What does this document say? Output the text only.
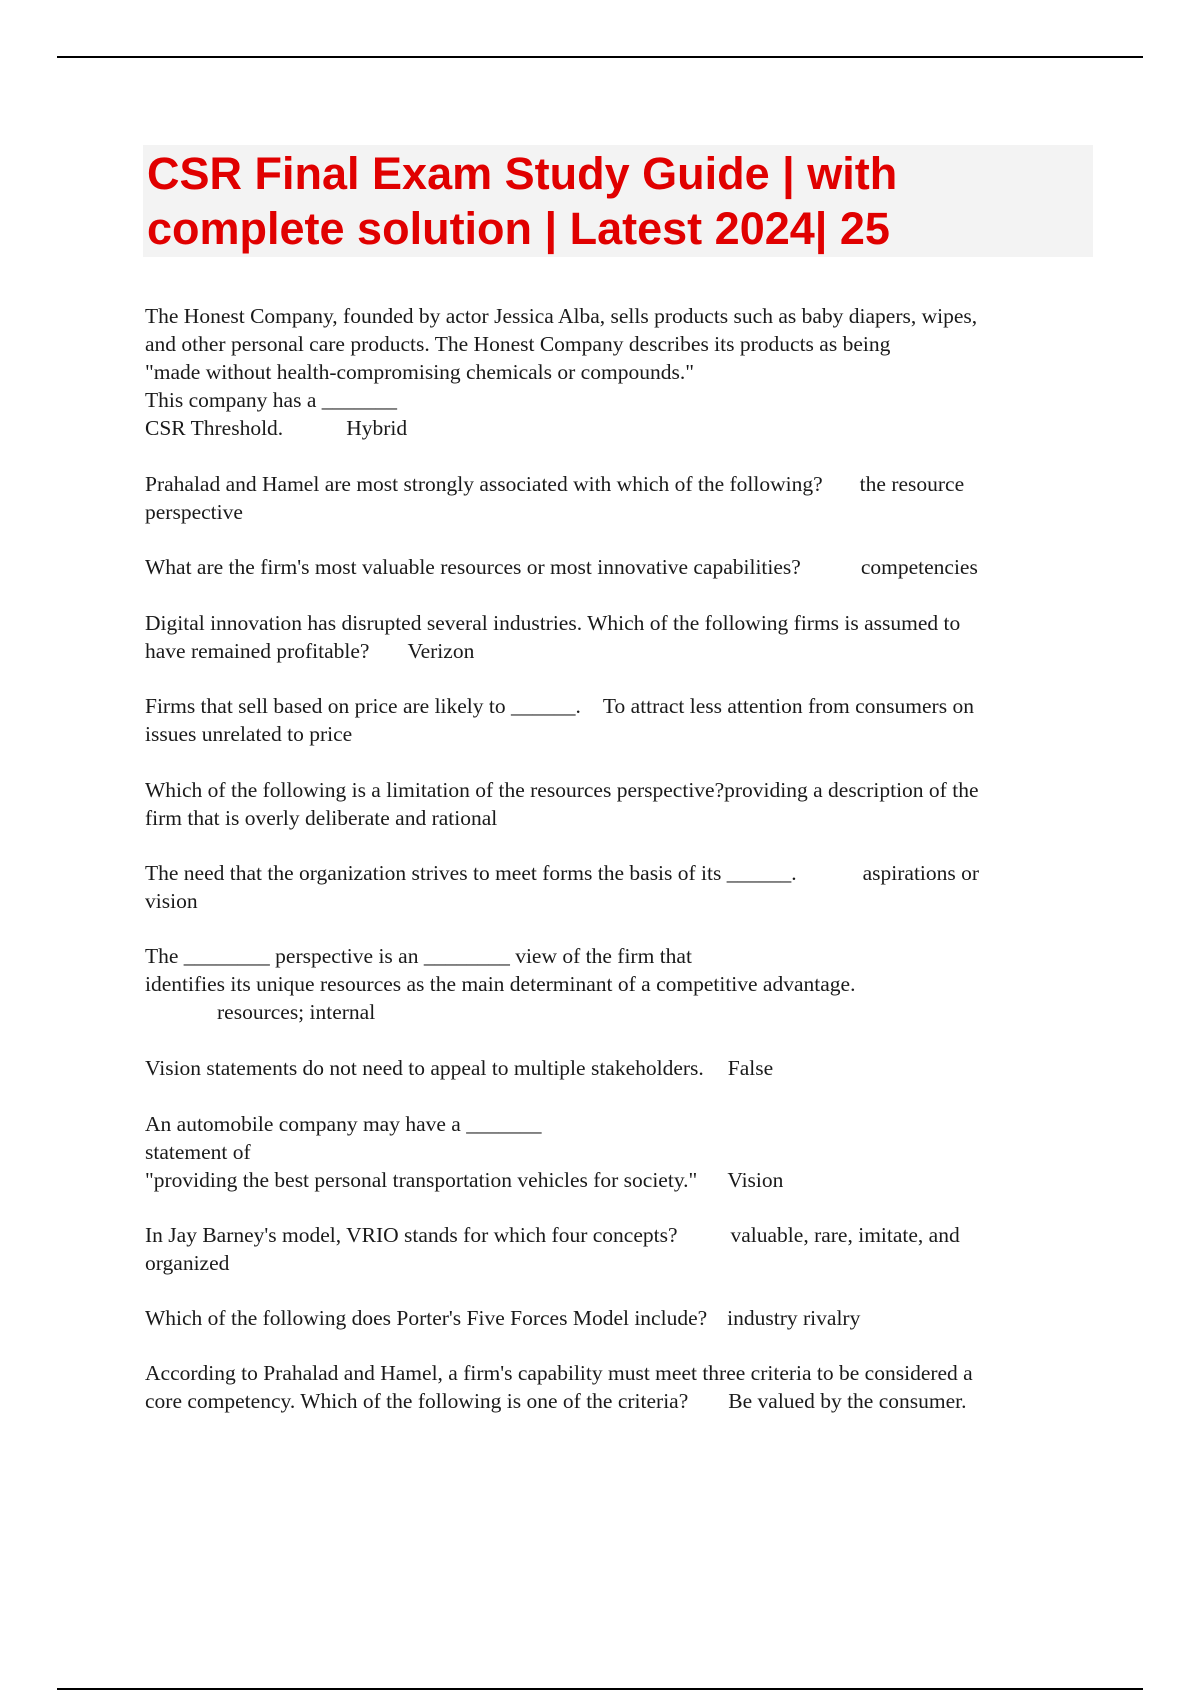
CSR Final Exam Study Guide | with complete solution | Latest 2024| 25
The Honest Company, founded by actor Jessica Alba, sells products such as baby diapers, wipes,
and other personal care products. The Honest Company describes its products as being
"made without health-compromising chemicals or compounds."
This company has a _______
CSR Threshold.	Hybrid
Prahalad and Hamel are most strongly associated with which of the following? the resource
perspective
What are the firm's most valuable resources or most innovative capabilities?	competencies
Digital innovation has disrupted several industries. Which of the following firms is assumed to
have remained profitable? Verizon
Firms that sell based on price are likely to ______. To attract less attention from consumers on
issues unrelated to price
Which of the following is a limitation of the resources perspective?providing a description of the
firm that is overly deliberate and rational
The need that the organization strives to meet forms the basis of its ______.	aspirations or
vision
The ________ perspective is an ________ view of the firm that
identifies its unique resources as the main determinant of a competitive advantage.
resources; internal
Vision statements do not need to appeal to multiple stakeholders. False
An automobile company may have a _______
statement of
"providing the best personal transportation vehicles for society." Vision
In Jay Barney's model, VRIO stands for which four concepts? valuable, rare, imitate, and
organized
Which of the following does Porter's Five Forces Model include? industry rivalry
According to Prahalad and Hamel, a firm's capability must meet three criteria to be considered a
core competency. Which of the following is one of the criteria? Be valued by the consumer.
